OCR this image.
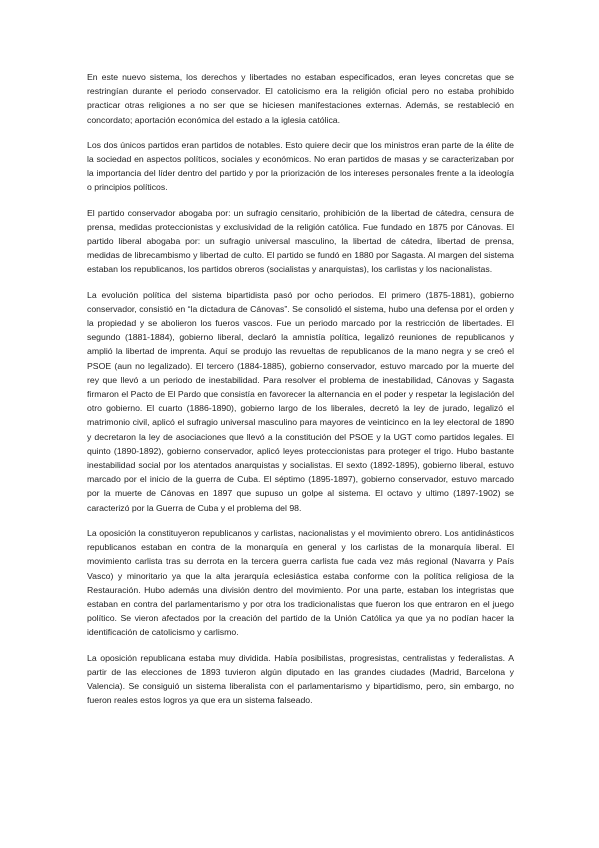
En este nuevo sistema, los derechos y libertades no estaban especificados, eran leyes concretas que se restringían durante el periodo conservador. El catolicismo era la religión oficial pero no estaba prohibido practicar otras religiones a no ser que se hiciesen manifestaciones externas. Además, se restableció en concordato; aportación económica del estado a la iglesia católica.

Los dos únicos partidos eran partidos de notables. Esto quiere decir que los ministros eran parte de la élite de la sociedad en aspectos políticos, sociales y económicos. No eran partidos de masas y se caracterizaban por la importancia del líder dentro del partido y por la priorización de los intereses personales frente a la ideología o principios políticos.

El partido conservador abogaba por: un sufragio censitario, prohibición de la libertad de cátedra, censura de prensa, medidas proteccionistas y exclusividad de la religión católica. Fue fundado en 1875 por Cánovas. El partido liberal abogaba por: un sufragio universal masculino, la libertad de cátedra, libertad de prensa, medidas de librecambismo y libertad de culto. El partido se fundó en 1880 por Sagasta. Al margen del sistema estaban los republicanos, los partidos obreros (socialistas y anarquistas), los carlistas y los nacionalistas.

La evolución política del sistema bipartidista pasó por ocho periodos. El primero (1875-1881), gobierno conservador, consistió en “la dictadura de Cánovas”. Se consolidó el sistema, hubo una defensa por el orden y la propiedad y se abolieron los fueros vascos. Fue un periodo marcado por la restricción de libertades. El segundo (1881-1884), gobierno liberal, declaró la amnistía política, legalizó reuniones de republicanos y amplió la libertad de imprenta. Aquí se produjo las revueltas de republicanos de la mano negra y se creó el PSOE (aun no legalizado). El tercero (1884-1885), gobierno conservador, estuvo marcado por la muerte del rey que llevó a un periodo de inestabilidad. Para resolver el problema de inestabilidad, Cánovas y Sagasta firmaron el Pacto de El Pardo que consistía en favorecer la alternancia en el poder y respetar la legislación del otro gobierno. El cuarto (1886-1890), gobierno largo de los liberales, decretó la ley de jurado, legalizó el matrimonio civil, aplicó el sufragio universal masculino para mayores de veinticinco en la ley electoral de 1890 y decretaron la ley de asociaciones que llevó a la constitución del PSOE y la UGT como partidos legales. El quinto (1890-1892), gobierno conservador, aplicó leyes proteccionistas para proteger el trigo. Hubo bastante inestabilidad social por los atentados anarquistas y socialistas. El sexto (1892-1895), gobierno liberal, estuvo marcado por el inicio de la guerra de Cuba. El séptimo (1895-1897), gobierno conservador, estuvo marcado por la muerte de Cánovas en 1897 que supuso un golpe al sistema. El octavo y ultimo (1897-1902) se caracterizó por la Guerra de Cuba y el problema del 98.

La oposición la constituyeron republicanos y carlistas, nacionalistas y el movimiento obrero. Los antidinásticos republicanos estaban en contra de la monarquía en general y los carlistas de la monarquía liberal. El movimiento carlista tras su derrota en la tercera guerra carlista fue cada vez más regional (Navarra y País Vasco) y minoritario ya que la alta jerarquía eclesiástica estaba conforme con la política religiosa de la Restauración. Hubo además una división dentro del movimiento. Por una parte, estaban los integristas que estaban en contra del parlamentarismo y por otra los tradicionalistas que fueron los que entraron en el juego político. Se vieron afectados por la creación del partido de la Unión Católica ya que ya no podían hacer la identificación de catolicismo y carlismo.

La oposición republicana estaba muy dividida. Había posibilistas, progresistas, centralistas y federalistas. A partir de las elecciones de 1893 tuvieron algún diputado en las grandes ciudades (Madrid, Barcelona y Valencia). Se consiguió un sistema liberalista con el parlamentarismo y bipartidismo, pero, sin embargo, no fueron reales estos logros ya que era un sistema falseado.
